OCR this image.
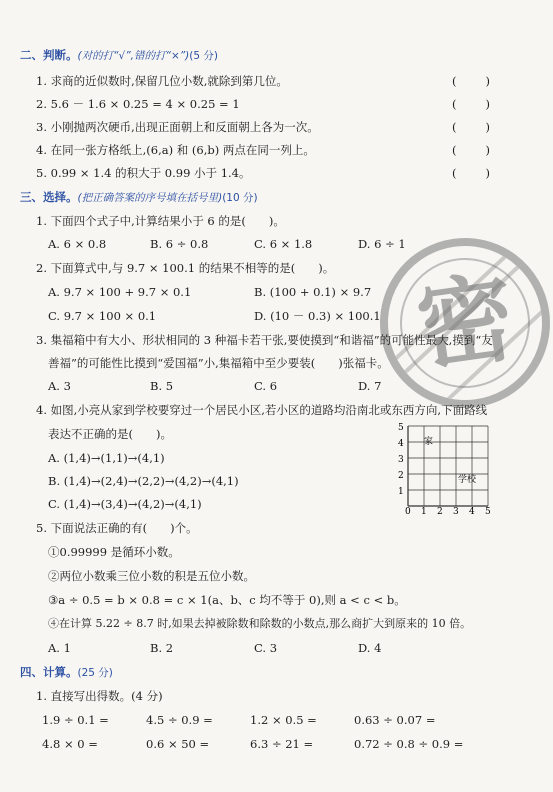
二、判断。(对的打“√”,错的打“×”)(5 分)
1. 求商的近似数时,保留几位小数,就除到第几位。	(	)
2. 5.6 － 1.6 × 0.25 = 4 × 0.25 = 1	(	)
3. 小刚抛两次硬币,出现正面朝上和反面朝上各为一次。	(	)
4. 在同一张方格纸上,(6,a) 和 (6,b) 两点在同一列上。	(	)
5. 0.99 × 1.4 的积大于 0.99 小于 1.4。	(	)
三、选择。(把正确答案的序号填在括号里)(10 分)
1. 下面四个式子中,计算结果小于 6 的是(　　)。
A. 6 × 0.8	B. 6 ÷ 0.8	C. 6 × 1.8	D. 6 ÷ 1
2. 下面算式中,与 9.7 × 100.1 的结果不相等的是(　　)。
A. 9.7 × 100 + 9.7 × 0.1	B. (100 + 0.1) × 9.7
C. 9.7 × 100 × 0.1	D. (10 － 0.3) × 100.1 密
3. 集福箱中有大小、形状相同的 3 种福卡若干张,要使摸到“和谐福”的可能性最大,摸到“友
善福”的可能性比摸到“爱国福”小,集福箱中至少要装(　　)张福卡。
A. 3	B. 5	C. 6	D. 7
4. 如图,小亮从家到学校要穿过一个居民小区,若小区的道路均沿南北或东西方向,下面路线
表达不正确的是(　　)。
A. (1,4)→(1,1)→(4,1)
B. (1,4)→(2,4)→(2,2)→(4,2)→(4,1)
C. (1,4)→(3,4)→(4,2)→(4,1)
5
4
3
2
1
0 1 2 3 4 5
家
学校
5. 下面说法正确的有(　　)个。
①0.99999 是循环小数。
②两位小数乘三位小数的积是五位小数。
③a ÷ 0.5 = b × 0.8 = c × 1(a、b、c 均不等于 0),则 a < c < b。
④在计算 5.22 ÷ 8.7 时,如果去掉被除数和除数的小数点,那么商扩大到原来的 10 倍。
A. 1	B. 2	C. 3	D. 4
四、计算。(25 分)
1. 直接写出得数。(4 分)
1.9 ÷ 0.1 =	4.5 ÷ 0.9 =	1.2 × 0.5 =	0.63 ÷ 0.07 =
4.8 × 0 =	0.6 × 50 =	6.3 ÷ 21 =	0.72 ÷ 0.8 ÷ 0.9 =
